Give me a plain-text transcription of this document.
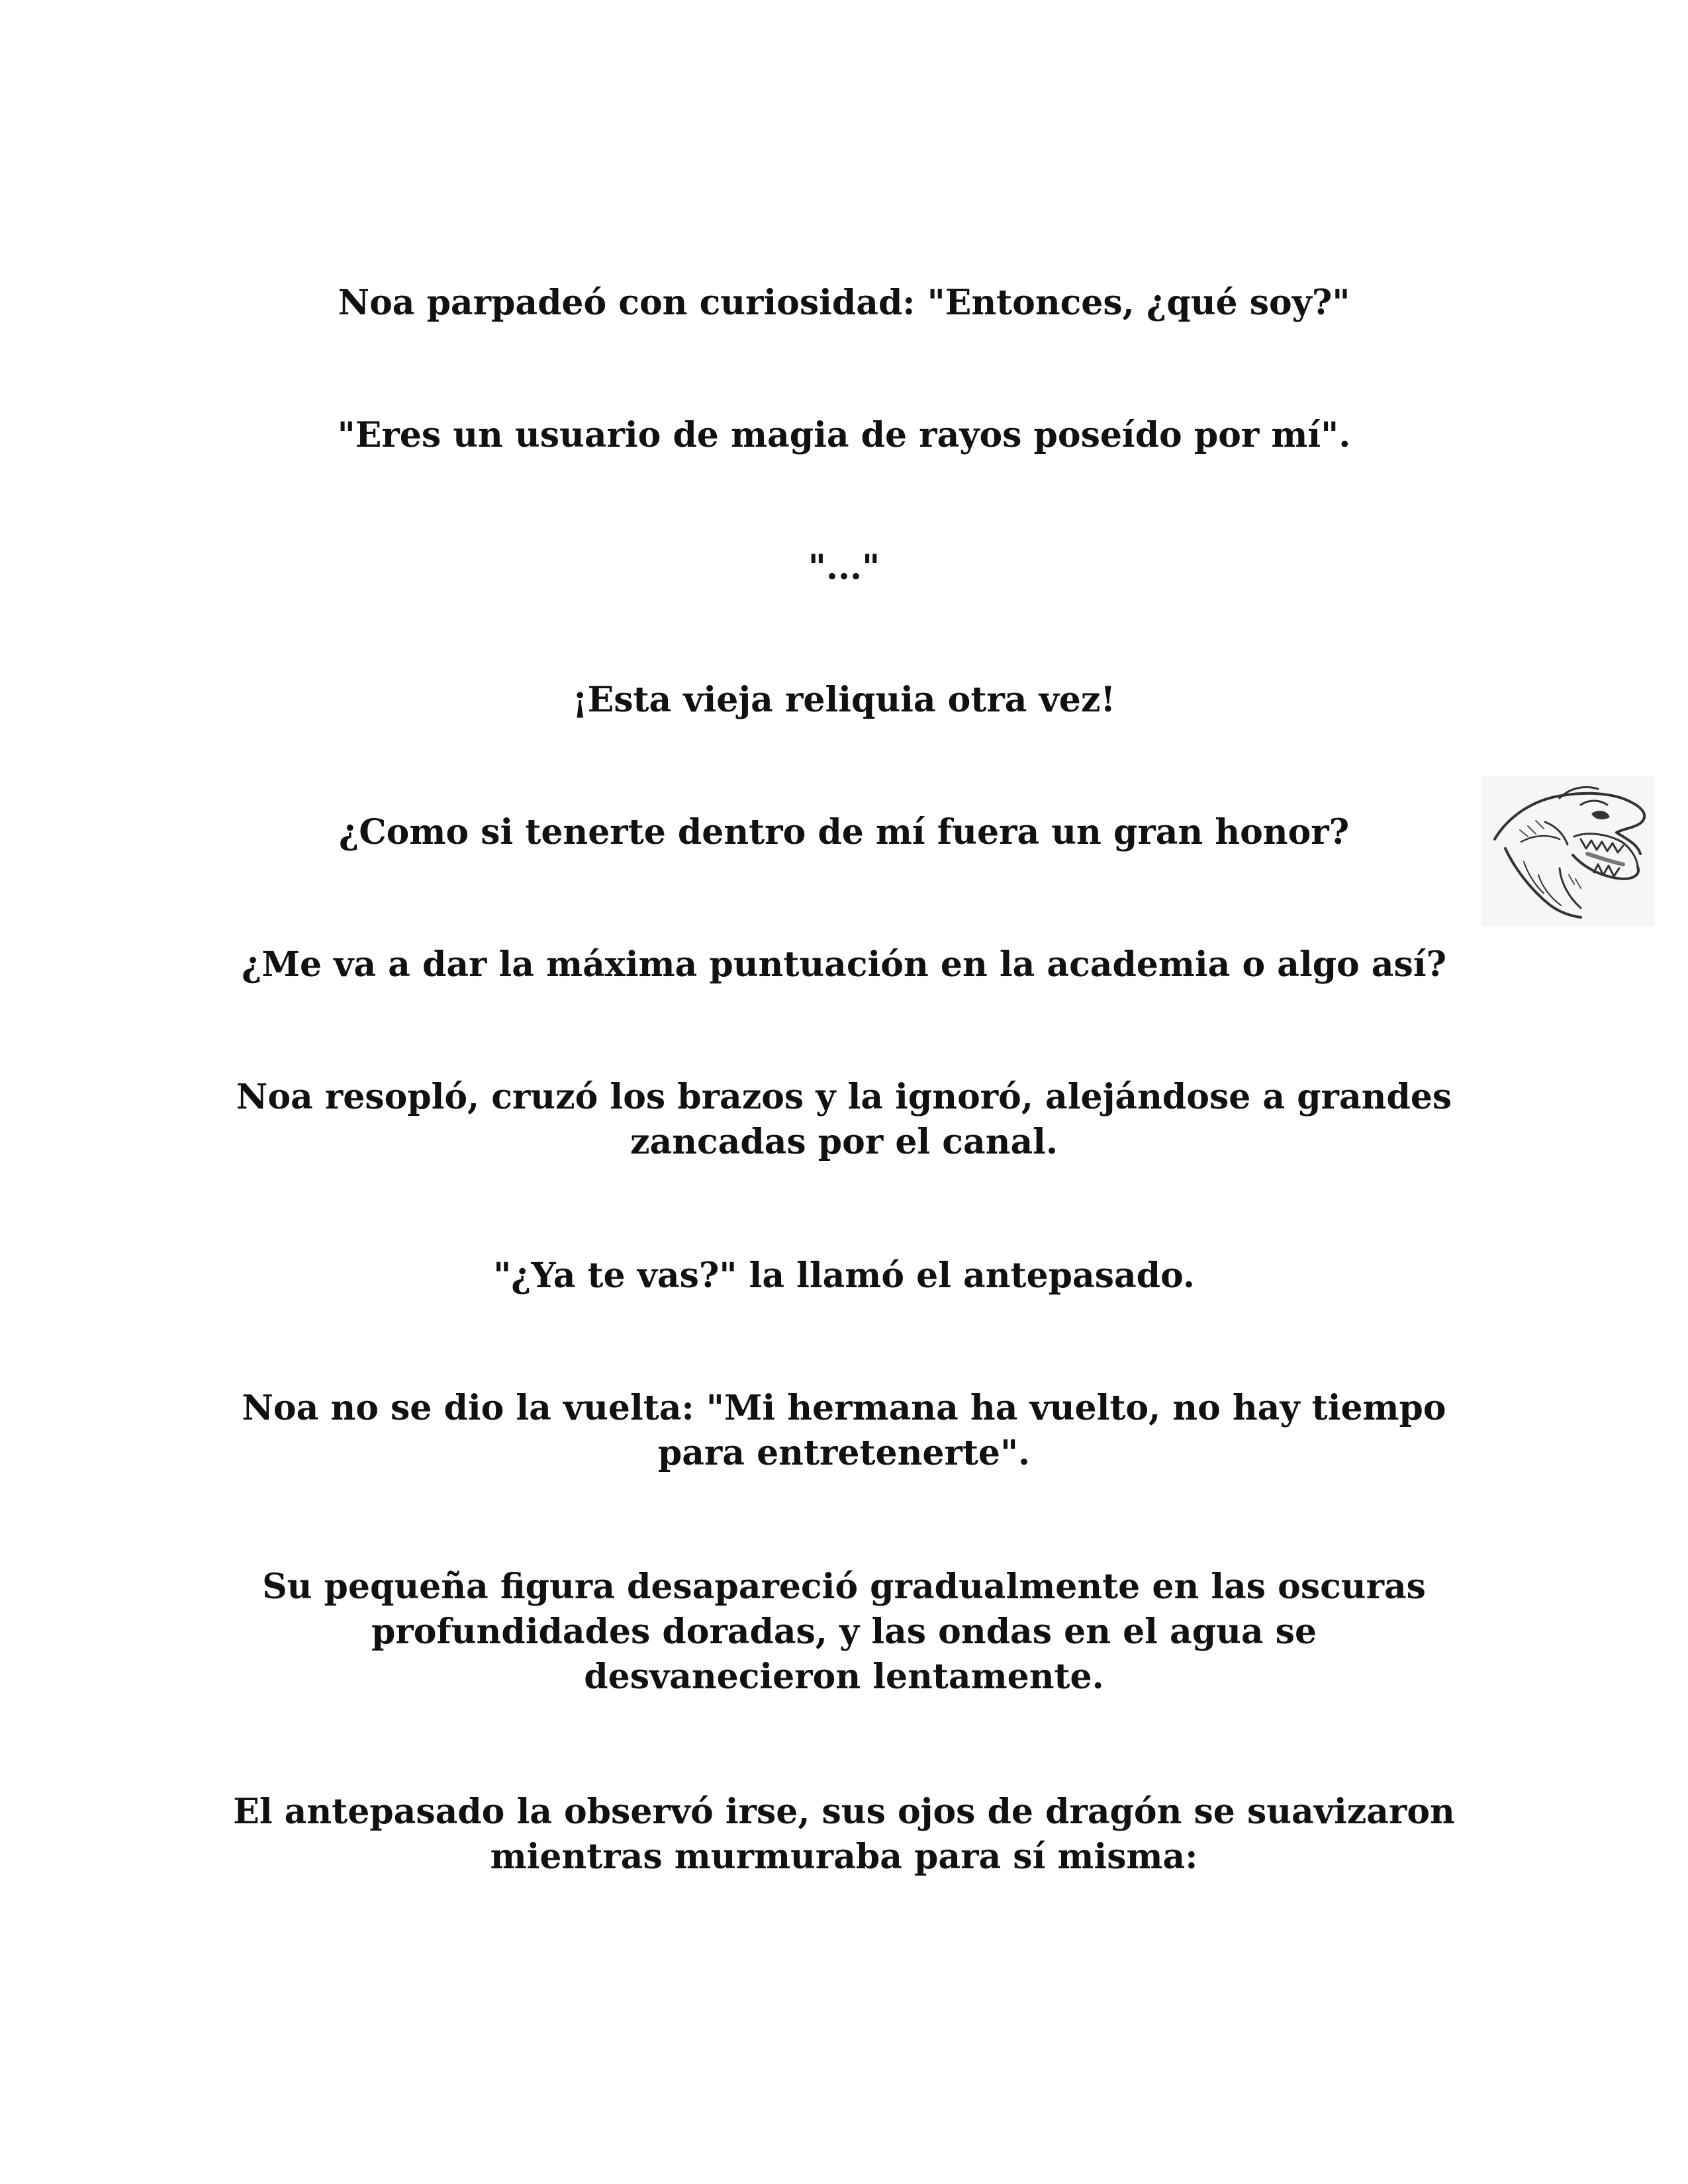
Noa parpadeó con curiosidad: "Entonces, ¿qué soy?"

"Eres un usuario de magia de rayos poseído por mí".

"..."

¡Esta vieja reliquia otra vez!

¿Como si tenerte dentro de mí fuera un gran honor?

¿Me va a dar la máxima puntuación en la academia o algo así?

Noa resopló, cruzó los brazos y la ignoró, alejándose a grandes
zancadas por el canal.

"¿Ya te vas?" la llamó el antepasado.

Noa no se dio la vuelta: "Mi hermana ha vuelto, no hay tiempo
para entretenerte".

Su pequeña figura desapareció gradualmente en las oscuras
profundidades doradas, y las ondas en el agua se
desvanecieron lentamente.

El antepasado la observó irse, sus ojos de dragón se suavizaron
mientras murmuraba para sí misma:
